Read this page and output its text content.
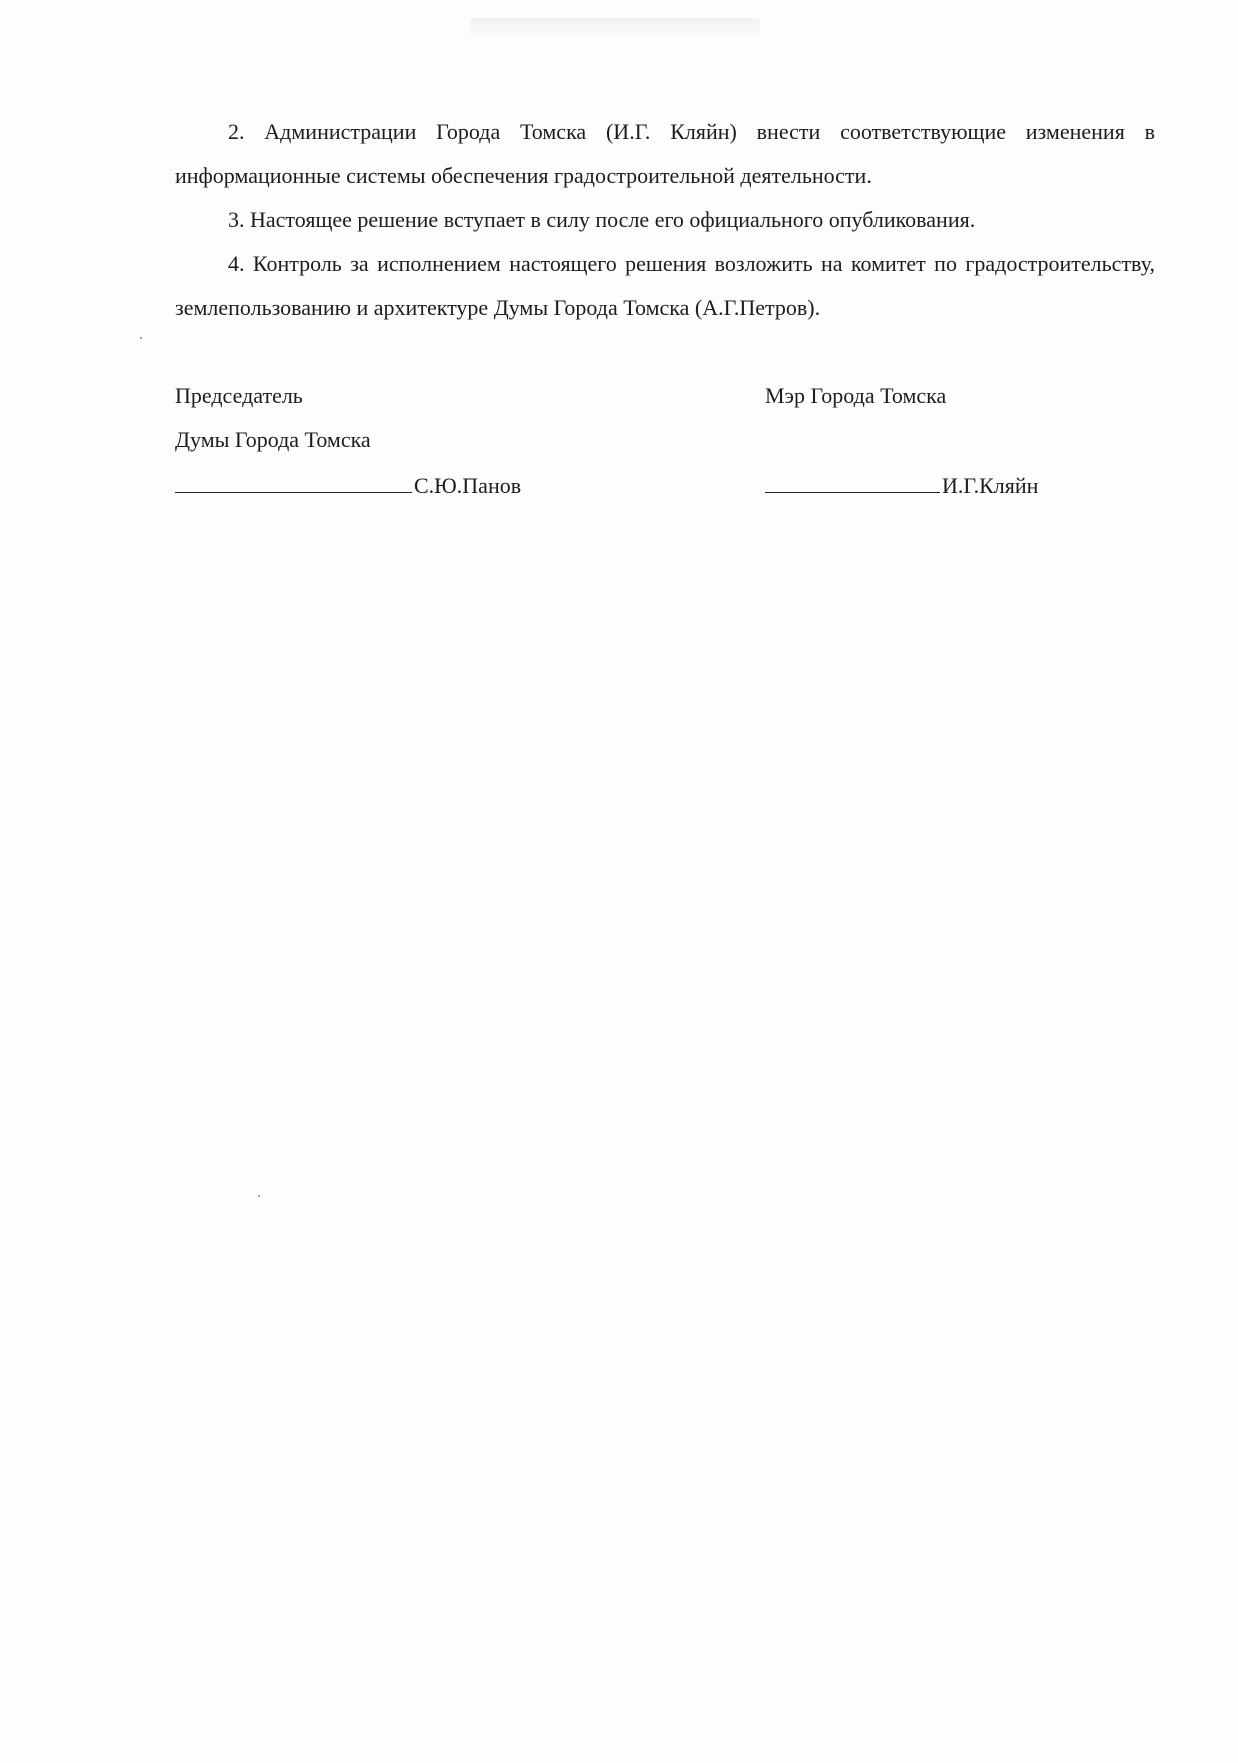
2. Администрации Города Томска (И.Г. Кляйн) внести соответствующие изменения в информационные системы обеспечения градостроительной деятельности.

3. Настоящее решение вступает в силу после его официального опубликования.

4. Контроль за исполнением настоящего решения возложить на комитет по градостроительству, землепользованию и архитектуре Думы Города Томска (А.Г.Петров).

Председатель
Думы Города Томска
С.Ю.Панов
Мэр Города Томска

И.Г.Кляйн
